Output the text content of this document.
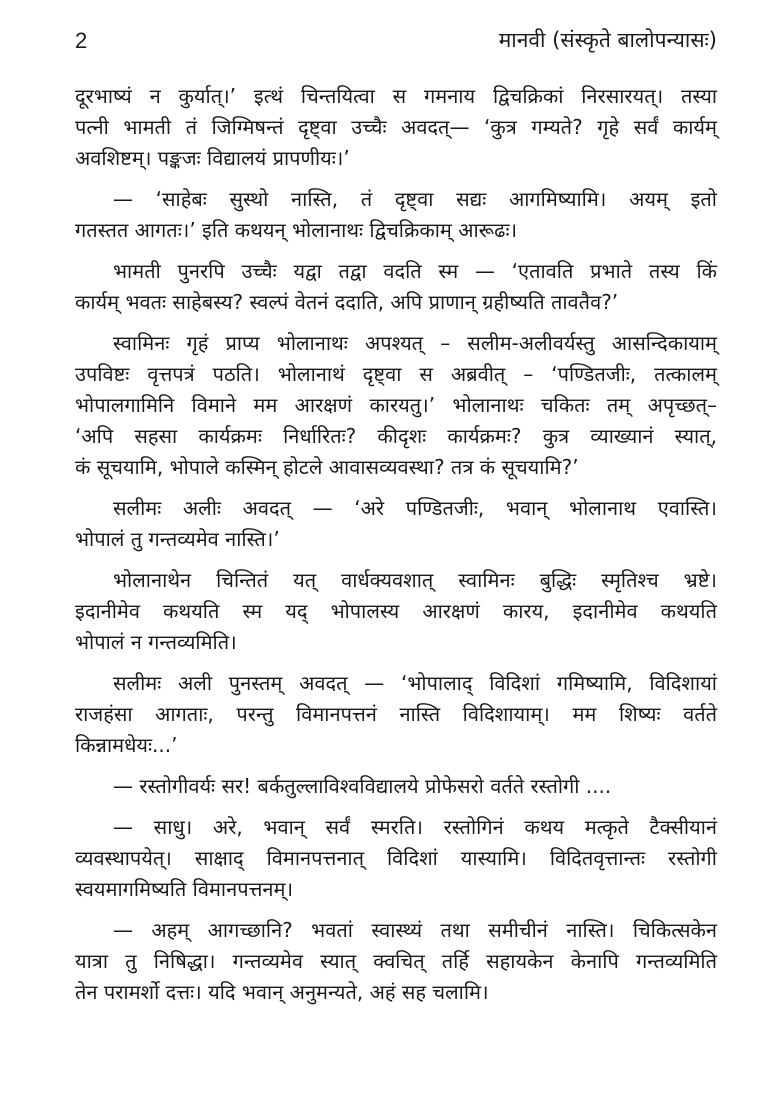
2	मानवी (संस्कृते बालोपन्यासः)
दूरभाष्यं न कुर्यात्।’ इत्थं चिन्तयित्वा स गमनाय द्विचक्रिकां निरसारयत्। तस्या
पत्नी भामती तं जिग्मिषन्तं दृष्ट्वा उच्चैः अवदत्— ‘कुत्र गम्यते? गृहे सर्वं कार्यम्
अवशिष्टम्। पङ्कजः विद्यालयं प्रापणीयः।’
— ‘साहेबः सुस्थो नास्ति, तं दृष्ट्वा सद्यः आगमिष्यामि। अयम् इतो
गतस्तत आगतः।’ इति कथयन् भोलानाथः द्विचक्रिकाम् आरूढः।
भामती पुनरपि उच्चैः यद्वा तद्वा वदति स्म — ‘एतावति प्रभाते तस्य किं
कार्यम् भवतः साहेबस्य? स्वल्पं वेतनं ददाति, अपि प्राणान् ग्रहीष्यति तावतैव?’
स्वामिनः गृहं प्राप्य भोलानाथः अपश्यत् – सलीम-अलीवर्यस्तु आसन्दिकायाम्
उपविष्टः वृत्तपत्रं पठति। भोलानाथं दृष्ट्वा स अब्रवीत् – ‘पण्डितजीः, तत्कालम्
भोपालगामिनि विमाने मम आरक्षणं कारयतु।’ भोलानाथः चकितः तम् अपृच्छत्–
‘अपि सहसा कार्यक्रमः निर्धारितः? कीदृशः कार्यक्रमः? कुत्र व्याख्यानं स्यात्,
कं सूचयामि, भोपाले कस्मिन् होटले आवासव्यवस्था? तत्र कं सूचयामि?’
सलीमः अलीः अवदत् — ‘अरे पण्डितजीः, भवान् भोलानाथ एवास्ति।
भोपालं तु गन्तव्यमेव नास्ति।’
भोलानाथेन चिन्तितं यत् वार्धक्यवशात् स्वामिनः बुद्धिः स्मृतिश्च भ्रष्टे।
इदानीमेव कथयति स्म यद् भोपालस्य आरक्षणं कारय, इदानीमेव कथयति
भोपालं न गन्तव्यमिति।
सलीमः अली पुनस्तम् अवदत् — ‘भोपालाद् विदिशां गमिष्यामि, विदिशायां
राजहंसा आगताः, परन्तु विमानपत्तनं नास्ति विदिशायाम्। मम शिष्यः वर्तते
किन्नामधेयः...’
— रस्तोगीवर्यः सर! बर्कतुल्लाविश्वविद्यालये प्रोफेसरो वर्तते रस्तोगी ....
— साधु। अरे, भवान् सर्वं स्मरति। रस्तोगिनं कथय मत्कृते टैक्सीयानं
व्यवस्थापयेत्। साक्षाद् विमानपत्तनात् विदिशां यास्यामि। विदितवृत्तान्तः रस्तोगी
स्वयमागमिष्यति विमानपत्तनम्।
— अहम् आगच्छानि? भवतां स्वास्थ्यं तथा समीचीनं नास्ति। चिकित्सकेन
यात्रा तु निषिद्धा। गन्तव्यमेव स्यात् क्वचित् तर्हि सहायकेन केनापि गन्तव्यमिति
तेन परामर्शो दत्तः। यदि भवान् अनुमन्यते, अहं सह चलामि।
